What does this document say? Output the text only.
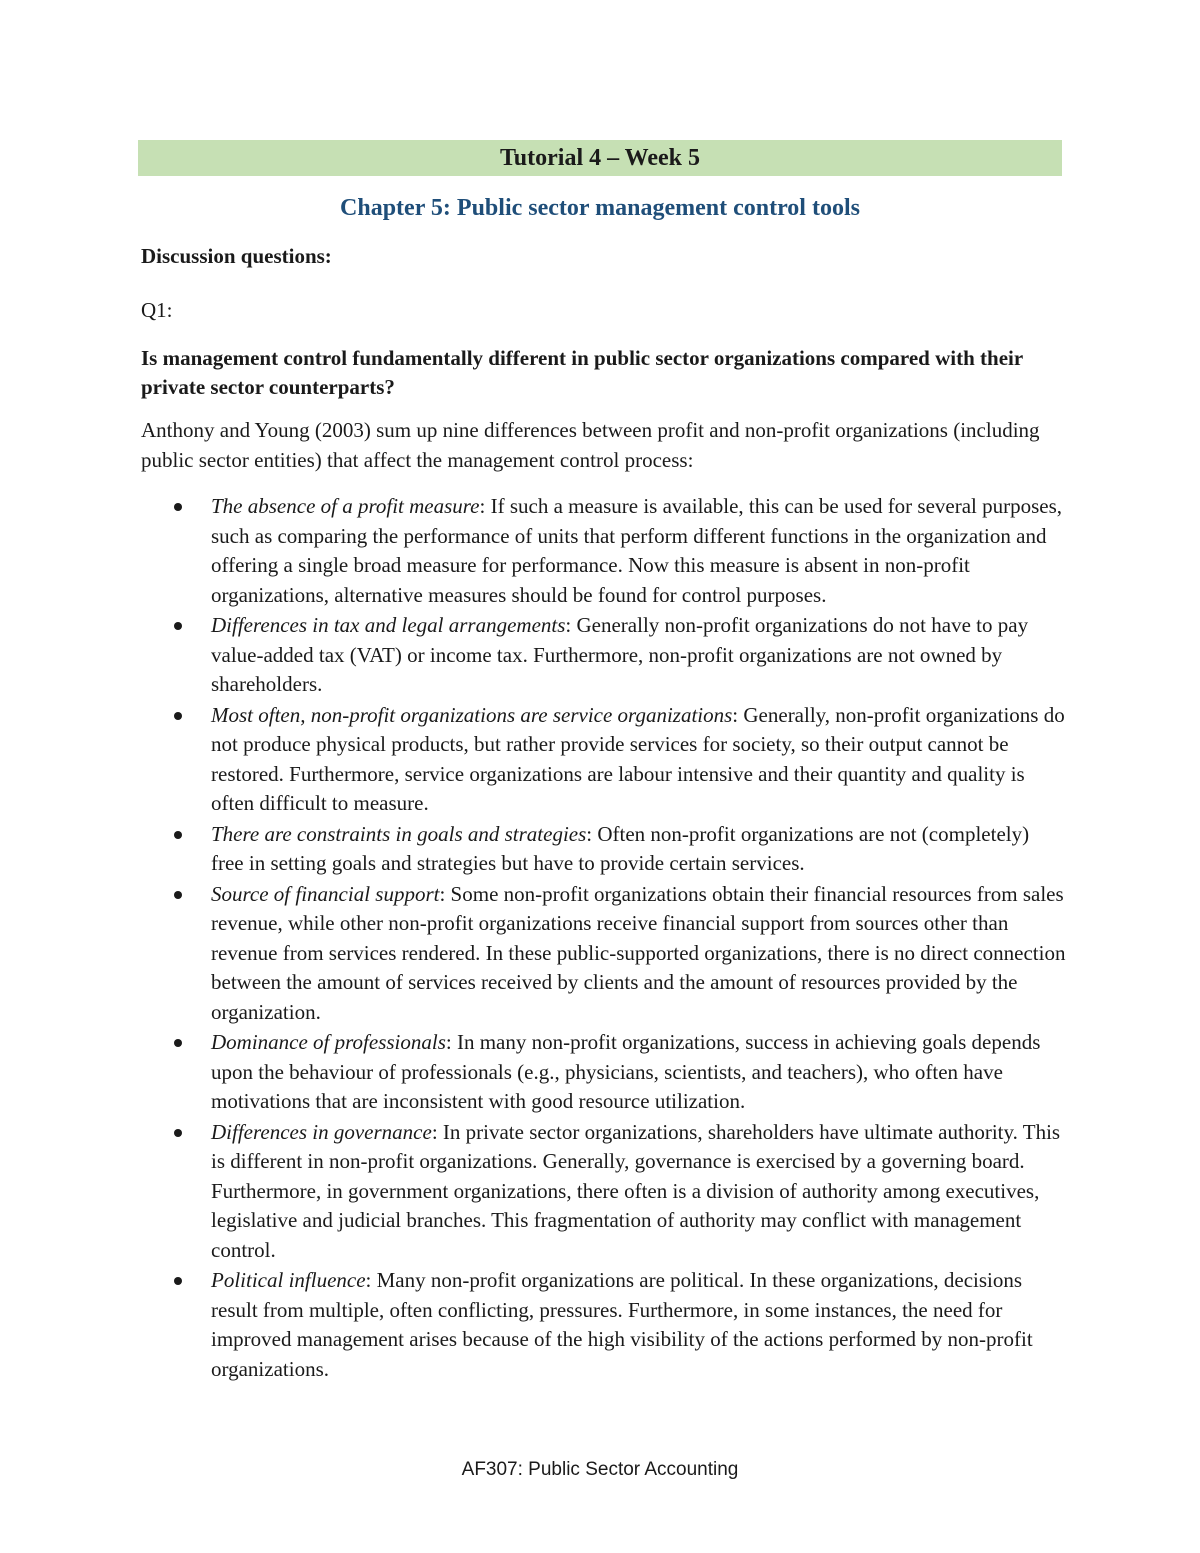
Tutorial 4 – Week 5
Chapter 5: Public sector management control tools

Discussion questions:

Q1:

Is management control fundamentally different in public sector organizations compared with their private sector counterparts?

Anthony and Young (2003) sum up nine differences between profit and non-profit organizations (including public sector entities) that affect the management control process:

The absence of a profit measure: If such a measure is available, this can be used for several purposes, such as comparing the performance of units that perform different functions in the organization and offering a single broad measure for performance. Now this measure is absent in non-profit organizations, alternative measures should be found for control purposes.
Differences in tax and legal arrangements: Generally non-profit organizations do not have to pay value-added tax (VAT) or income tax. Furthermore, non-profit organizations are not owned by shareholders.
Most often, non-profit organizations are service organizations: Generally, non-profit organizations do not produce physical products, but rather provide services for society, so their output cannot be restored. Furthermore, service organizations are labour intensive and their quantity and quality is often difficult to measure.
There are constraints in goals and strategies: Often non-profit organizations are not (completely) free in setting goals and strategies but have to provide certain services.
Source of financial support: Some non-profit organizations obtain their financial resources from sales revenue, while other non-profit organizations receive financial support from sources other than revenue from services rendered. In these public-supported organizations, there is no direct connection between the amount of services received by clients and the amount of resources provided by the organization.
Dominance of professionals: In many non-profit organizations, success in achieving goals depends upon the behaviour of professionals (e.g., physicians, scientists, and teachers), who often have motivations that are inconsistent with good resource utilization.
Differences in governance: In private sector organizations, shareholders have ultimate authority. This is different in non-profit organizations. Generally, governance is exercised by a governing board. Furthermore, in government organizations, there often is a division of authority among executives, legislative and judicial branches. This fragmentation of authority may conflict with management control.
Political influence: Many non-profit organizations are political. In these organizations, decisions result from multiple, often conflicting, pressures. Furthermore, in some instances, the need for improved management arises because of the high visibility of the actions performed by non-profit organizations.
AF307: Public Sector Accounting
